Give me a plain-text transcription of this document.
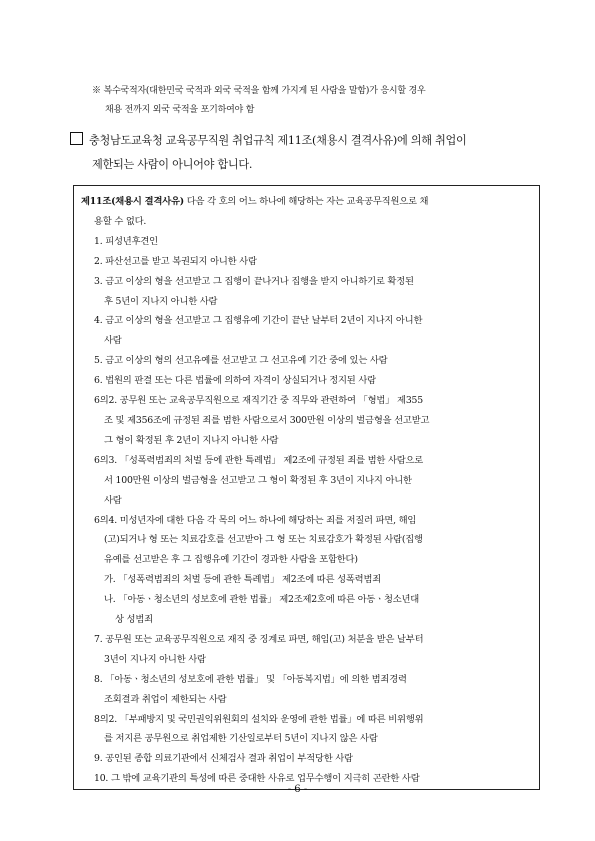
※ 복수국적자(대한민국 국적과 외국 국적을 함께 가지게 된 사람을 말함)가 응시할 경우
채용 전까지 외국 국적을 포기하여야 함
충청남도교육청 교육공무직원 취업규칙 제11조(채용시 결격사유)에 의해 취업이
제한되는 사람이 아니어야 합니다.
제11조(채용시 결격사유) 다음 각 호의 어느 하나에 해당하는 자는 교육공무직원으로 채
용할 수 없다.
1. 피성년후견인
2. 파산선고를 받고 복권되지 아니한 사람
3. 금고 이상의 형을 선고받고 그 집행이 끝나거나 집행을 받지 아니하기로 확정된
후 5년이 지나지 아니한 사람
4. 금고 이상의 형을 선고받고 그 집행유예 기간이 끝난 날부터 2년이 지나지 아니한
사람
5. 금고 이상의 형의 선고유예를 선고받고 그 선고유예 기간 중에 있는 사람
6. 법원의 판결 또는 다른 법률에 의하여 자격이 상실되거나 정지된 사람
6의2. 공무원 또는 교육공무직원으로 재직기간 중 직무와 관련하여 「형법」 제355
조 및 제356조에 규정된 죄를 범한 사람으로서 300만원 이상의 벌금형을 선고받고
그 형이 확정된 후 2년이 지나지 아니한 사람
6의3. 「성폭력범죄의 처벌 등에 관한 특례법」 제2조에 규정된 죄를 범한 사람으로
서 100만원 이상의 벌금형을 선고받고 그 형이 확정된 후 3년이 지나지 아니한
사람
6의4. 미성년자에 대한 다음 각 목의 어느 하나에 해당하는 죄를 저질러 파면, 해임
(고)되거나 형 또는 치료감호를 선고받아 그 형 또는 치료감호가 확정된 사람(집행
유예를 선고받은 후 그 집행유예 기간이 경과한 사람을 포함한다)
가. 「성폭력범죄의 처벌 등에 관한 특례법」 제2조에 따른 성폭력범죄
나. 「아동ㆍ청소년의 성보호에 관한 법률」 제2조제2호에 따른 아동ㆍ청소년대
상 성범죄
7. 공무원 또는 교육공무직원으로 재직 중 징계로 파면, 해임(고) 처분을 받은 날부터
3년이 지나지 아니한 사람
8. 「아동ㆍ청소년의 성보호에 관한 법률」 및 「아동복지법」에 의한 범죄경력
조회결과 취업이 제한되는 사람
8의2. 「부패방지 및 국민권익위원회의 설치와 운영에 관한 법률」에 따른 비위행위
를 저지른 공무원으로 취업제한 기산일로부터 5년이 지나지 않은 사람
9. 공인된 종합 의료기관에서 신체검사 결과 취업이 부적당한 사람
10. 그 밖에 교육기관의 특성에 따른 중대한 사유로 업무수행이 지극히 곤란한 사람
- 6 -
